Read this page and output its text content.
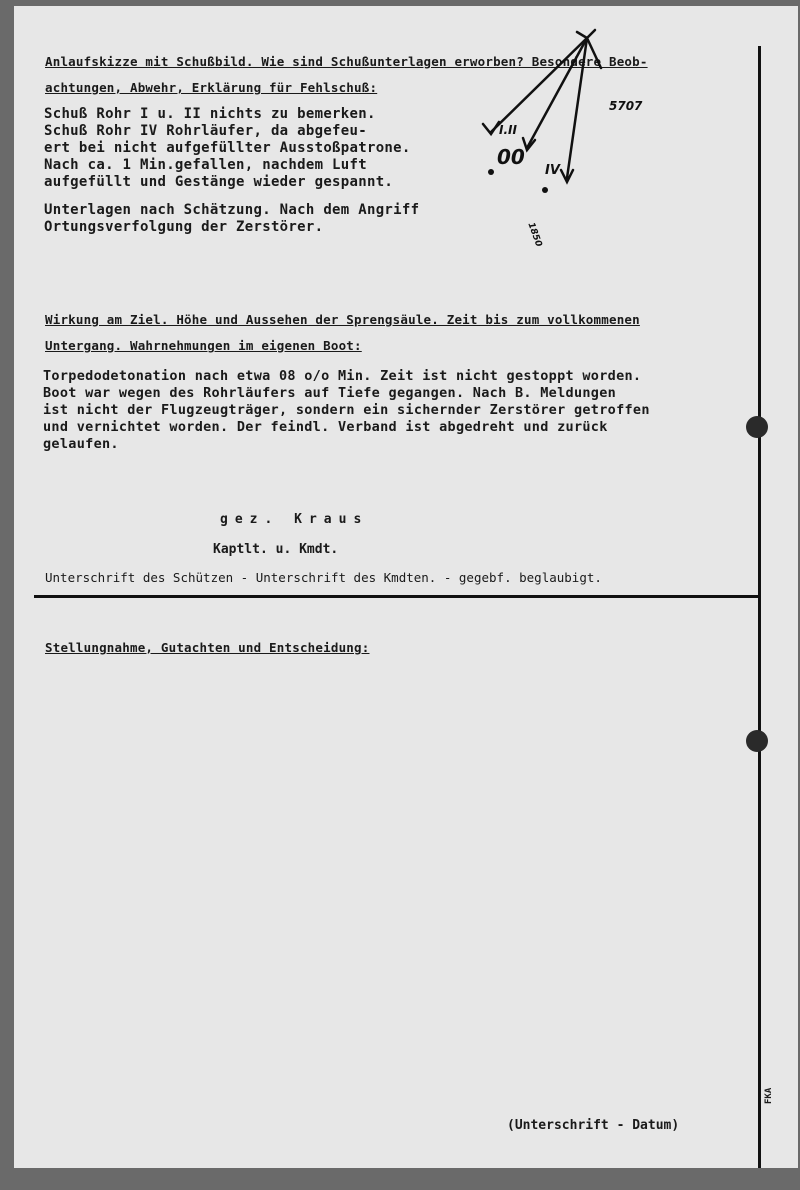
Anlaufskizze mit Schußbild. Wie sind Schußunterlagen erworben? Besondere Beob-
achtungen, Abwehr, Erklärung für Fehlschuß:
Schuß Rohr I u. II nichts zu bemerken.
Schuß Rohr IV Rohrläufer, da abgefeu-
ert bei nicht aufgefüllter Ausstoßpatrone.
Nach ca. 1 Min.gefallen, nachdem Luft
aufgefüllt und Gestänge wieder gespannt.
Unterlagen nach Schätzung. Nach dem Angriff
Ortungsverfolgung der Zerstörer.
5707
I.II
00
IV
1850
Wirkung am Ziel. Höhe und Aussehen der Sprengsäule. Zeit bis zum vollkommenen
Untergang. Wahrnehmungen im eigenen Boot:
Torpedodetonation nach etwa 08 o/o Min. Zeit ist nicht gestoppt worden.
Boot war wegen des Rohrläufers auf Tiefe gegangen. Nach B. Meldungen
ist nicht der Flugzeugträger, sondern ein sichernder Zerstörer getroffen
und vernichtet worden. Der feindl. Verband ist abgedreht und zurück
gelaufen.
gez. Kraus
Kaptlt. u. Kmdt.
Unterschrift des Schützen - Unterschrift des Kmdten. - gegebf. beglaubigt.
Stellungnahme, Gutachten und Entscheidung:
(Unterschrift - Datum)
FKA
